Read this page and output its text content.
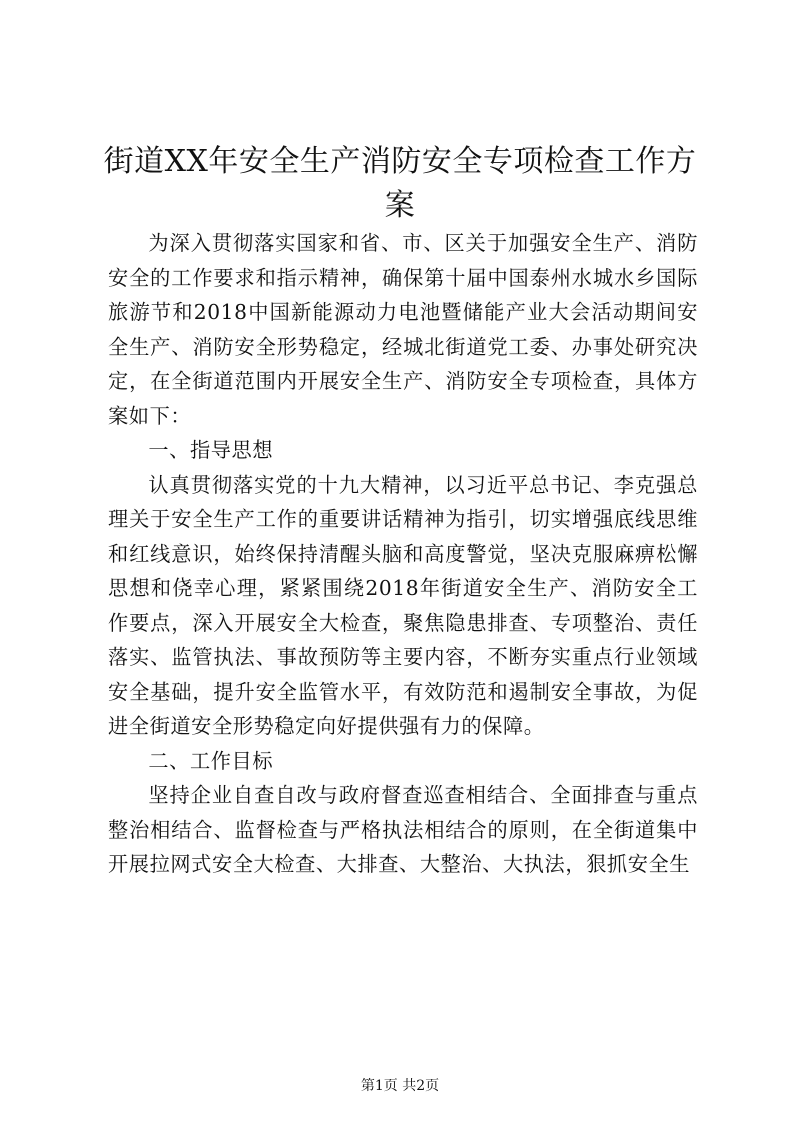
街道XX年安全生产消防安全专项检查工作方案

为深入贯彻落实国家和省、市、区关于加强安全生产、消防安全的工作要求和指示精神，确保第十届中国泰州水城水乡国际旅游节和2018中国新能源动力电池暨储能产业大会活动期间安全生产、消防安全形势稳定，经城北街道党工委、办事处研究决定，在全街道范围内开展安全生产、消防安全专项检查，具体方案如下：

一、指导思想

认真贯彻落实党的十九大精神，以习近平总书记、李克强总理关于安全生产工作的重要讲话精神为指引，切实增强底线思维和红线意识，始终保持清醒头脑和高度警觉，坚决克服麻痹松懈思想和侥幸心理，紧紧围绕2018年街道安全生产、消防安全工作要点，深入开展安全大检查，聚焦隐患排查、专项整治、责任落实、监管执法、事故预防等主要内容，不断夯实重点行业领域安全基础，提升安全监管水平，有效防范和遏制安全事故，为促进全街道安全形势稳定向好提供强有力的保障。

二、工作目标

坚持企业自查自改与政府督查巡查相结合、全面排查与重点整治相结合、监督检查与严格执法相结合的原则，在全街道集中开展拉网式安全大检查、大排查、大整治、大执法，狠抓安全生

第1页 共2页
